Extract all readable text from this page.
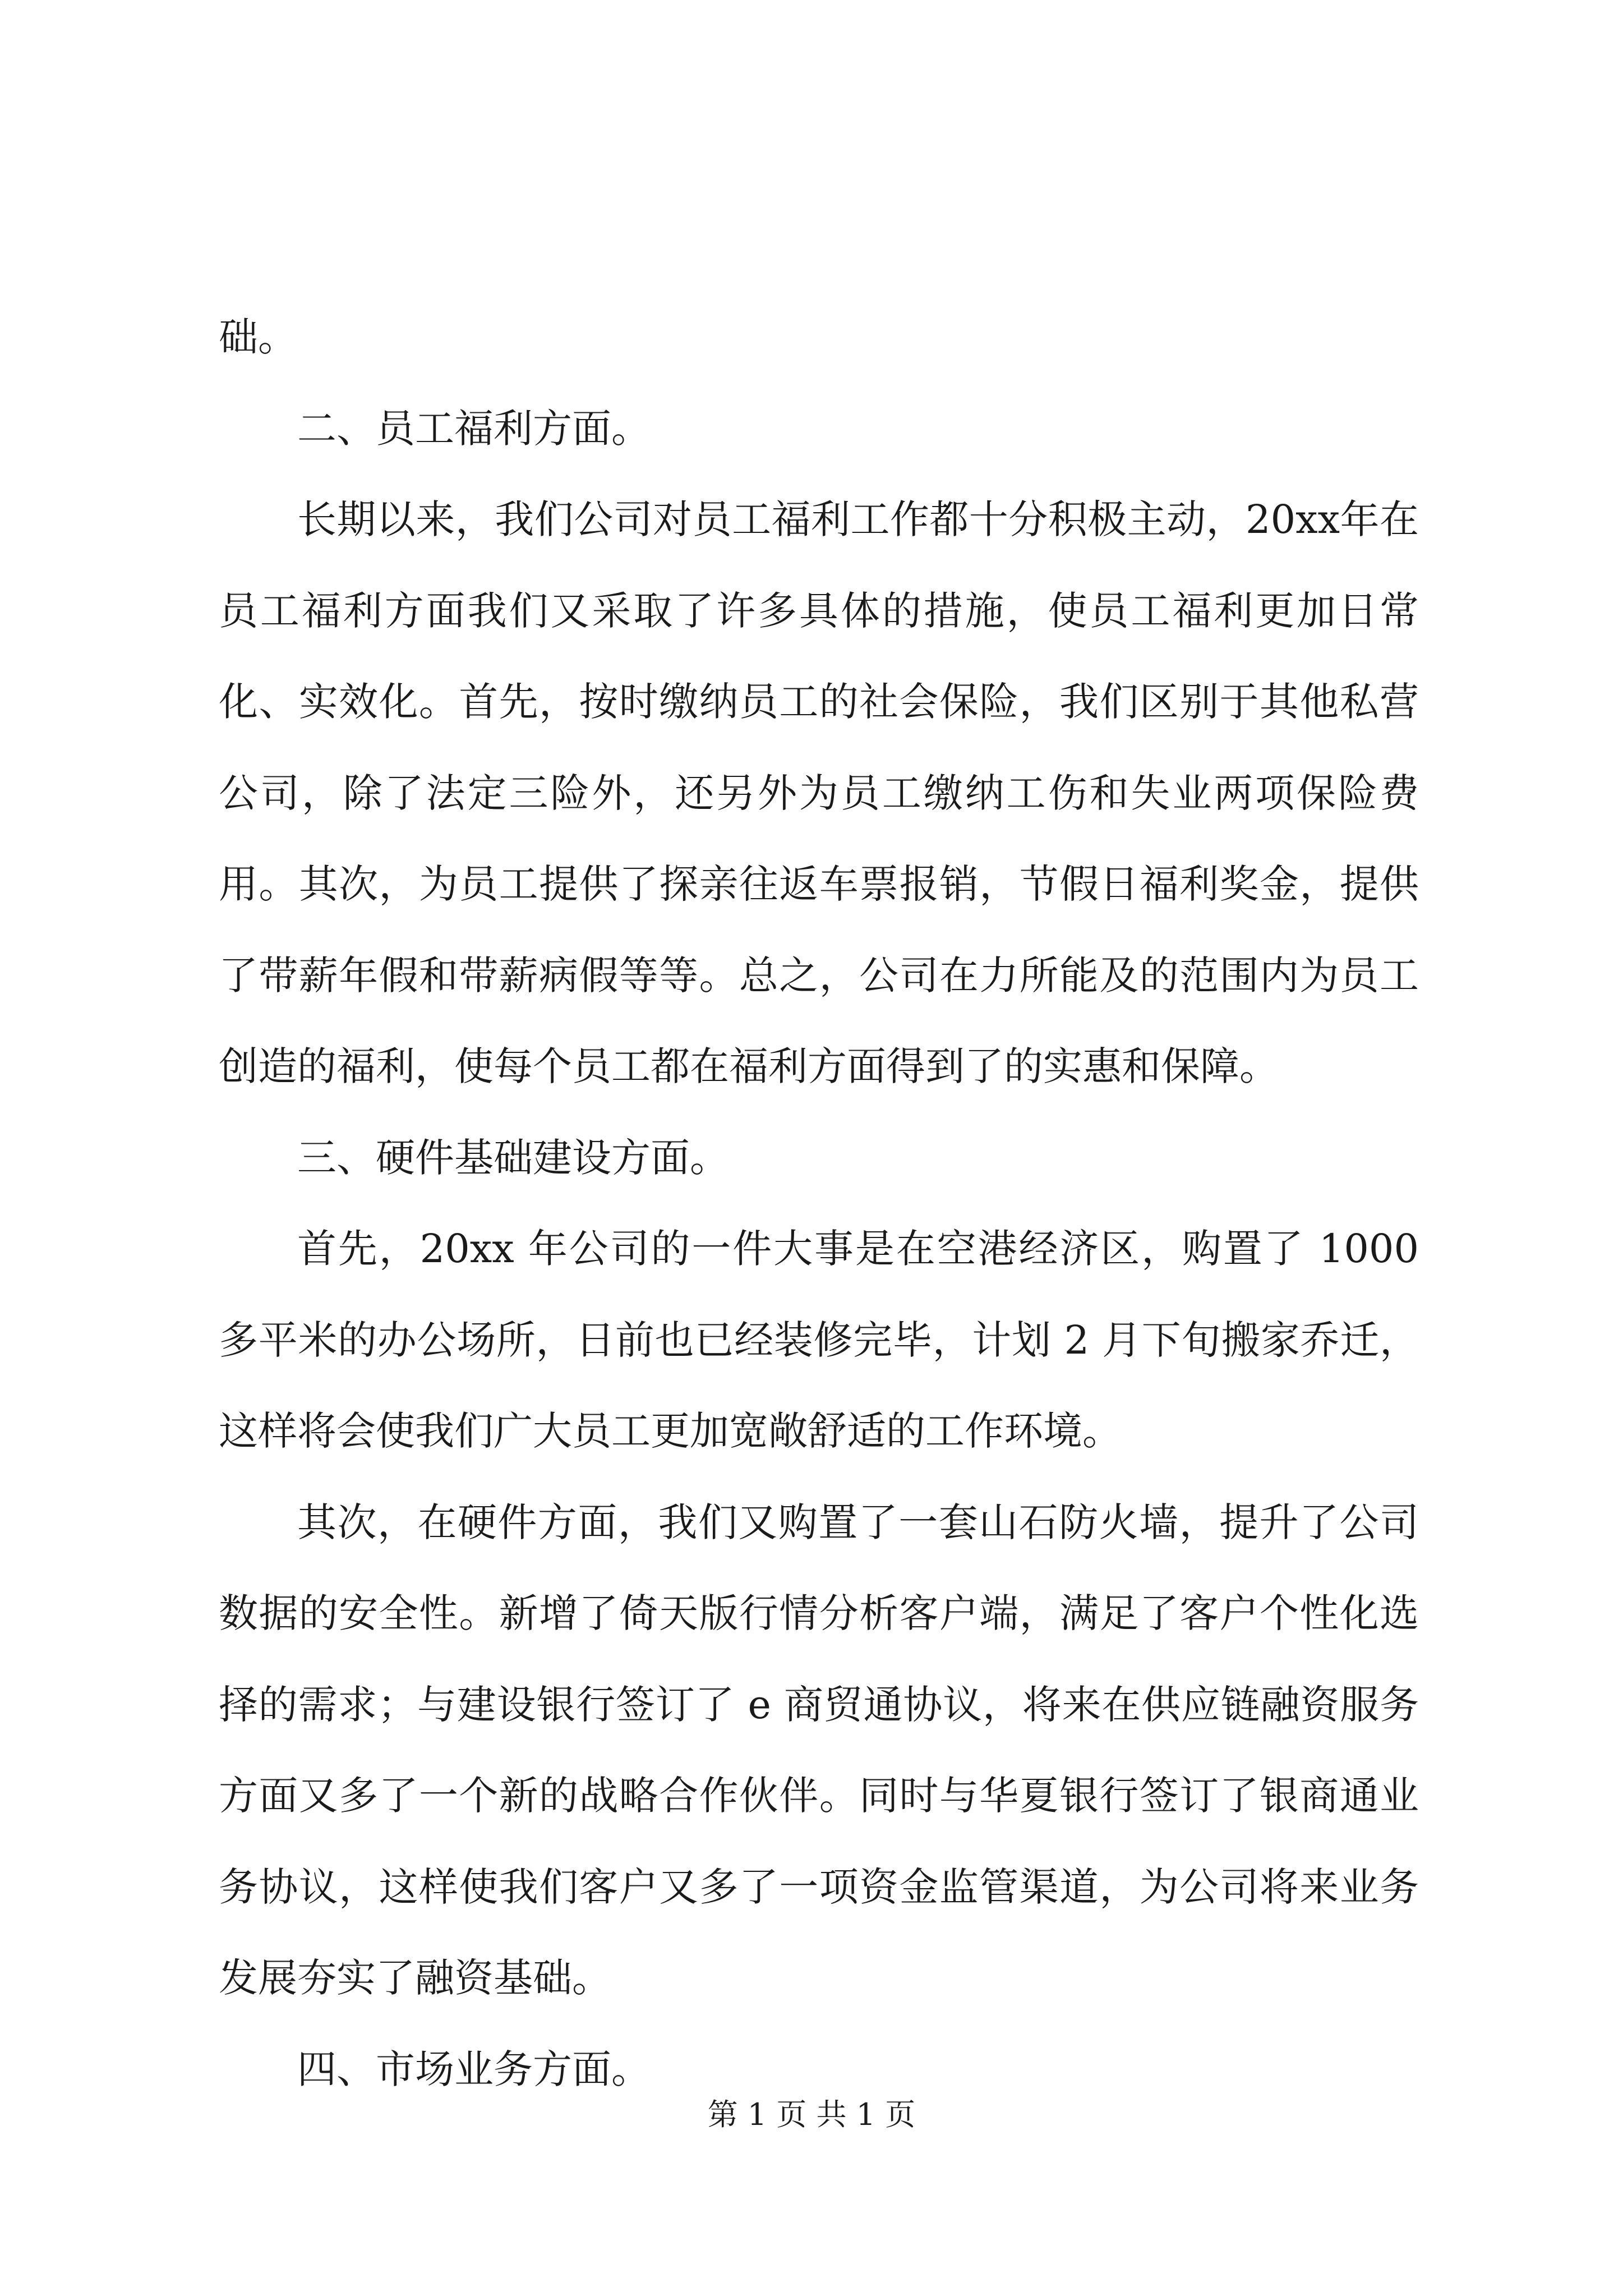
础。

二、员工福利方面。

长期以来，我们公司对员工福利工作都十分积极主动，20xx年在员工福利方面我们又采取了许多具体的措施，使员工福利更加日常化、实效化。首先，按时缴纳员工的社会保险，我们区别于其他私营公司，除了法定三险外，还另外为员工缴纳工伤和失业两项保险费用。其次，为员工提供了探亲往返车票报销，节假日福利奖金，提供了带薪年假和带薪病假等等。总之，公司在力所能及的范围内为员工创造的福利，使每个员工都在福利方面得到了的实惠和保障。

三、硬件基础建设方面。

首先，20xx 年公司的一件大事是在空港经济区，购置了 1000 多平米的办公场所，日前也已经装修完毕，计划 2 月下旬搬家乔迁，这样将会使我们广大员工更加宽敞舒适的工作环境。

其次，在硬件方面，我们又购置了一套山石防火墙，提升了公司数据的安全性。新增了倚天版行情分析客户端，满足了客户个性化选择的需求；与建设银行签订了 e 商贸通协议，将来在供应链融资服务方面又多了一个新的战略合作伙伴。同时与华夏银行签订了银商通业务协议，这样使我们客户又多了一项资金监管渠道，为公司将来业务发展夯实了融资基础。

四、市场业务方面。

第 1 页 共 1 页
